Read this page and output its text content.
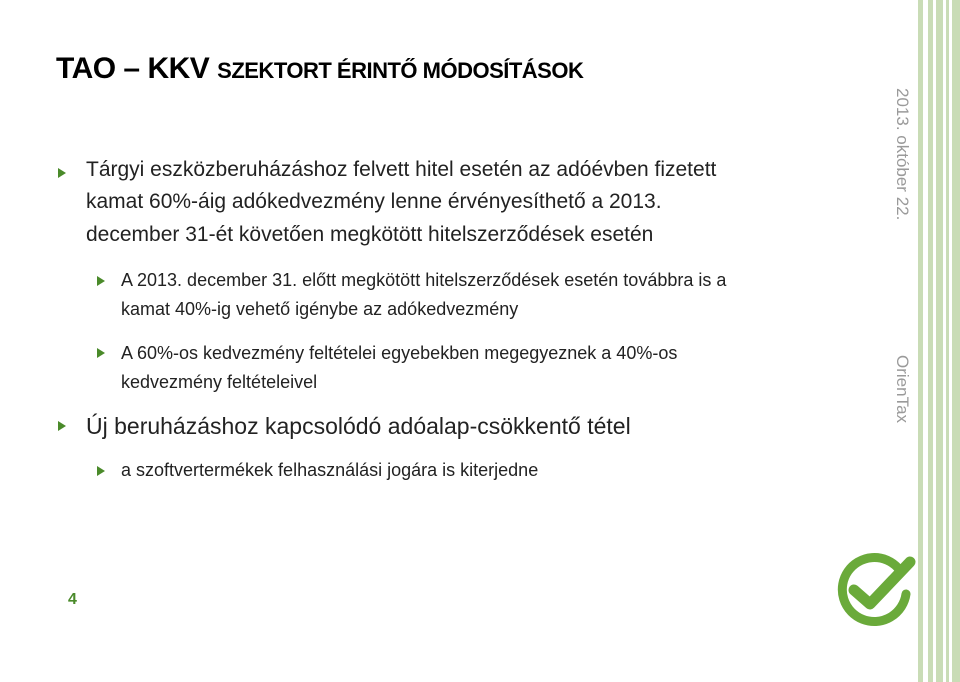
TAO – KKV SZEKTORT ÉRINTŐ MÓDOSÍTÁSOK
Tárgyi eszközberuházáshoz felvett hitel esetén az adóévben fizetett
kamat 60%-áig adókedvezmény lenne érvényesíthető a 2013.
december 31-ét követően megkötött hitelszerződések esetén
A 2013. december 31. előtt megkötött hitelszerződések esetén továbbra is a
kamat 40%-ig vehető igénybe az adókedvezmény
A 60%-os kedvezmény feltételei egyebekben megegyeznek a 40%-os
kedvezmény feltételeivel
Új beruházáshoz kapcsolódó adóalap-csökkentő tétel
a szoftvertermékek felhasználási jogára is kiterjedne
2013. október 22.
OrienTax
4
